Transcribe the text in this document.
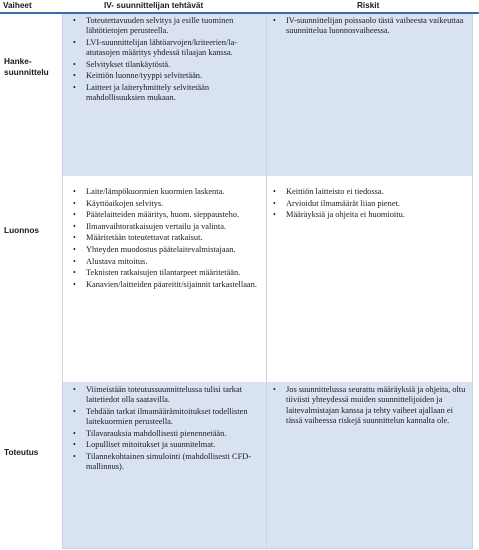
Vaiheet	IV- suunnittelijan tehtävät	Riskit
Hanke-
suunnittelu
• Toteutettavuuden selvitys ja esille tuominen lähtötietojen perusteella.
• LVI-suunnittelijan lähtöarvojen/kriteerien/la-atutasojen määritys yhdessä tilaajan kanssa.
• Selvitykset tilankäytöstä.
• Keittiön luonne/tyyppi selvitetään.
• Laitteet ja laiteryhmittely selvitetään mahdollisuuksien mukaan.
• IV-suunnittelijan poissaolo tästä vaiheesta vaikeuttaa suunnittelua luonnosvaiheessa.
Luonnos
• Laite/lämpökuormien kuormien laskenta.
• Käyttöaikojen selvitys.
• Päätelaitteiden määritys, huom. sieppausteho.
• Ilmanvaihtoratkaisujen vertailu ja valinta.
• Määritetään toteutettavat ratkaisut.
• Yhteyden muodostus päätelaitevalmistajaan.
• Alustava mitoitus.
• Teknisten ratkaisujen tilantarpeet määritetään.
• Kanavien/laitteiden päareitit/sijainnit tarkastellaan.
• Keittiön laitteisto ei tiedossa.
• Arvioidut ilmamäärät liian pienet.
• Määräyksiä ja ohjeita ei huomioitu.
Toteutus
• Viimeistään toteutussuunnittelussa tulisi tarkat laitetiedot olla saatavilla.
• Tehdään tarkat ilmamäärämitoitukset todellisten laitekuormien perusteella.
• Tilavarauksia mahdollisesti pienennetään.
• Lopulliset mitoitukset ja suunnitelmat.
• Tilannekohtainen simulointi (mahdollisesti CFD-mallinnus).
• Jos suunnittelussa seurattu määräyksiä ja ohjeita, oltu tiiviisti yhteydessä muiden suunnittelijoiden ja laitevalmistajan kanssa ja tehty vaiheet ajallaan ei tässä vaiheessa riskejä suunnittelun kannalta ole.
